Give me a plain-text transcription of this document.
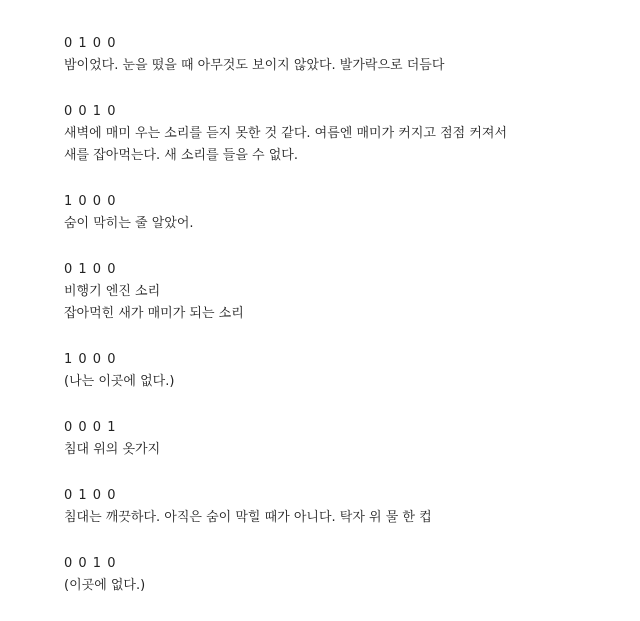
0 1 0 0
밤이었다. 눈을 떴을 때 아무것도 보이지 않았다. 발가락으로 더듬다
0 0 1 0
새벽에 매미 우는 소리를 듣지 못한 것 같다. 여름엔 매미가 커지고 점점 커져서
새를 잡아먹는다. 새 소리를 들을 수 없다.
1 0 0 0
숨이 막히는 줄 알았어.
0 1 0 0
비행기 엔진 소리
잡아먹힌 새가 매미가 되는 소리
1 0 0 0
(나는 이곳에 없다.)
0 0 0 1
침대 위의 옷가지
0 1 0 0
침대는 깨끗하다. 아직은 숨이 막힐 때가 아니다. 탁자 위 물 한 컵
0 0 1 0
(이곳에 없다.)
